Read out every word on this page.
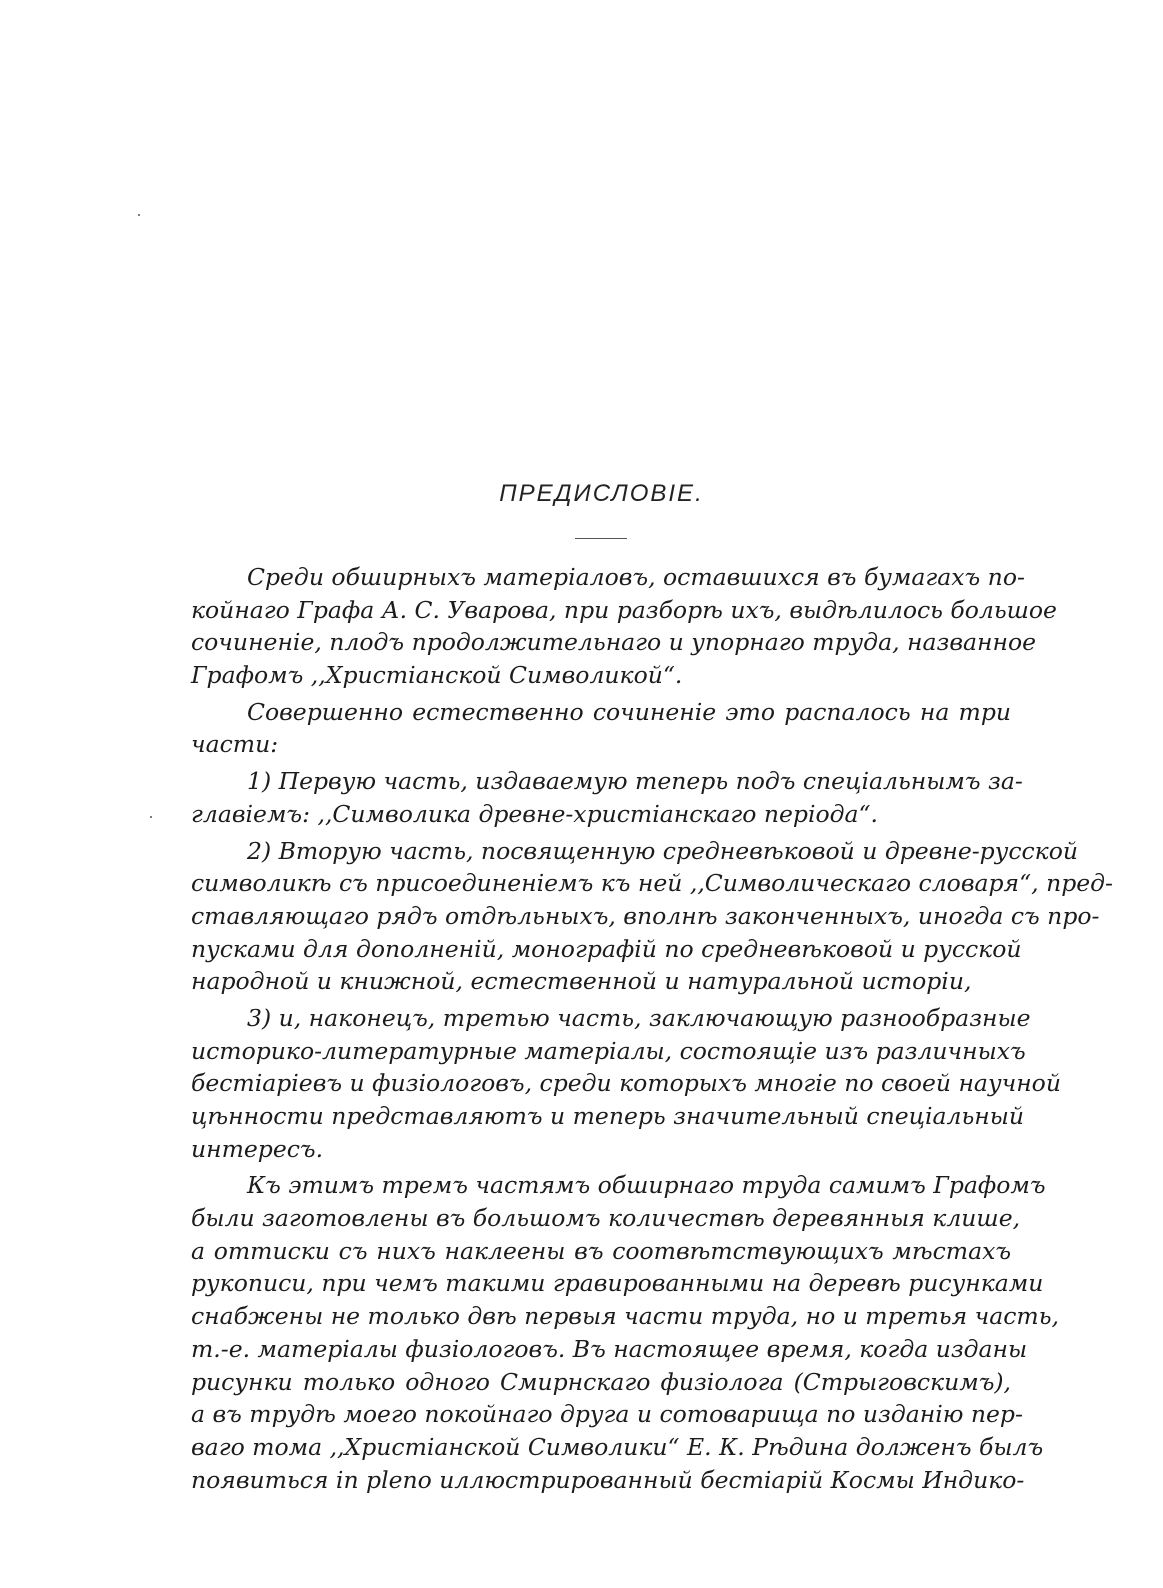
ПРЕДИСЛОВІЕ.
Среди обширныхъ матеріаловъ, оставшихся въ бумагахъ по-
койнаго Графа А. С. Уварова, при разборѣ ихъ, выдѣлилось большое
сочиненіе, плодъ продолжительнаго и упорнаго труда, названное
Графомъ ,,Христіанской Символикой“.
Совершенно естественно сочиненіе это распалось на три
части:
1) Первую часть, издаваемую теперь подъ спеціальнымъ за-
главіемъ: ,,Символика древне-христіанскаго періода“.
2) Вторую часть, посвященную средневѣковой и древне-русской
символикѣ съ присоединеніемъ къ ней ,,Символическаго словаря“, пред-
ставляющаго рядъ отдѣльныхъ, вполнѣ законченныхъ, иногда съ про-
пусками для дополненій, монографій по средневѣковой и русской
народной и книжной, естественной и натуральной исторіи,
3) и, наконецъ, третью часть, заключающую разнообразные
историко-литературные матеріалы, состоящіе изъ различныхъ
бестіаріевъ и физіологовъ, среди которыхъ многіе по своей научной
цѣнности представляютъ и теперь значительный спеціальный
интересъ.
Къ этимъ тремъ частямъ обширнаго труда самимъ Графомъ
были заготовлены въ большомъ количествѣ деревянныя клише,
а оттиски съ нихъ наклеены въ соотвѣтствующихъ мѣстахъ
рукописи, при чемъ такими гравированными на деревѣ рисунками
снабжены не только двѣ первыя части труда, но и третья часть,
т.-е. матеріалы физіологовъ. Въ настоящее время, когда изданы
рисунки только одного Смирнскаго физіолога (Стрыговскимъ),
а въ трудѣ моего покойнаго друга и сотоварища по изданію пер-
ваго тома ,,Христіанской Символики“ Е. К. Рѣдина долженъ былъ
появиться in pleno иллюстрированный бестіарій Космы Индико-
